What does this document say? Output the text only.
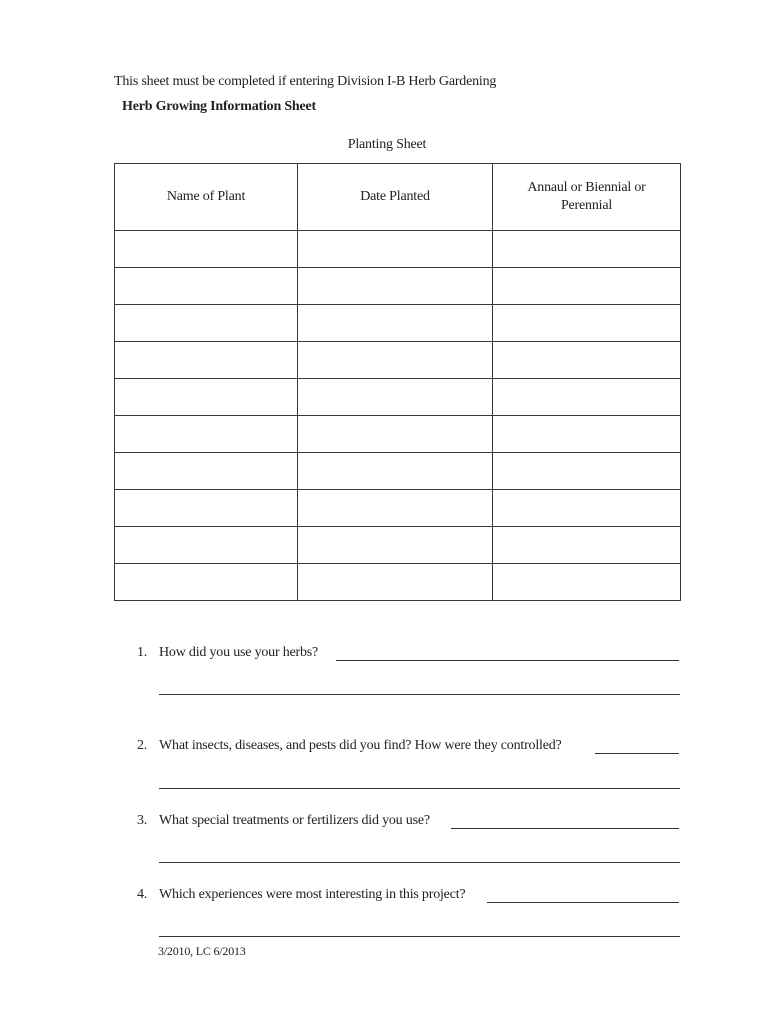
This sheet must be completed if entering Division I-B Herb Gardening
Herb Growing Information Sheet
Planting Sheet
Name of Plant	Date Planted	Annaul or Biennial or Perennial

1. How did you use your herbs?
2. What insects, diseases, and pests did you find? How were they controlled?
3. What special treatments or fertilizers did you use?
4. Which experiences were most interesting in this project?
3/2010, LC 6/2013
